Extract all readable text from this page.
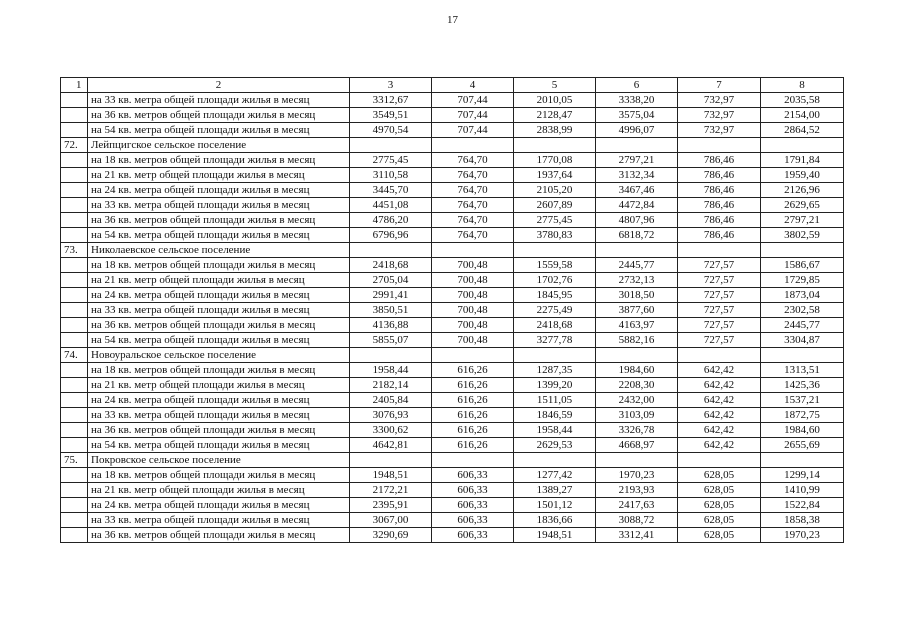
17
1	2	3	4	5	6	7	8
	на 33 кв. метра общей площади жилья в месяц	3312,67	707,44	2010,05	3338,20	732,97	2035,58
	на 36 кв. метров общей площади жилья в месяц	3549,51	707,44	2128,47	3575,04	732,97	2154,00
	на 54 кв. метра общей площади жилья в месяц	4970,54	707,44	2838,99	4996,07	732,97	2864,52
72.	Лейпцигское сельское поселение						
	на 18 кв. метров общей площади жилья в месяц	2775,45	764,70	1770,08	2797,21	786,46	1791,84
	на 21 кв. метр общей площади жилья в месяц	3110,58	764,70	1937,64	3132,34	786,46	1959,40
	на 24 кв. метра общей площади жилья в месяц	3445,70	764,70	2105,20	3467,46	786,46	2126,96
	на 33 кв. метра общей площади жилья в месяц	4451,08	764,70	2607,89	4472,84	786,46	2629,65
	на 36 кв. метров общей площади жилья в месяц	4786,20	764,70	2775,45	4807,96	786,46	2797,21
	на 54 кв. метра общей площади жилья в месяц	6796,96	764,70	3780,83	6818,72	786,46	3802,59
73.	Николаевское сельское поселение						
	на 18 кв. метров общей площади жилья в месяц	2418,68	700,48	1559,58	2445,77	727,57	1586,67
	на 21 кв. метр общей площади жилья в месяц	2705,04	700,48	1702,76	2732,13	727,57	1729,85
	на 24 кв. метра общей площади жилья в месяц	2991,41	700,48	1845,95	3018,50	727,57	1873,04
	на 33 кв. метра общей площади жилья в месяц	3850,51	700,48	2275,49	3877,60	727,57	2302,58
	на 36 кв. метров общей площади жилья в месяц	4136,88	700,48	2418,68	4163,97	727,57	2445,77
	на 54 кв. метра общей площади жилья в месяц	5855,07	700,48	3277,78	5882,16	727,57	3304,87
74.	Новоуральское сельское поселение						
	на 18 кв. метров общей площади жилья в месяц	1958,44	616,26	1287,35	1984,60	642,42	1313,51
	на 21 кв. метр общей площади жилья в месяц	2182,14	616,26	1399,20	2208,30	642,42	1425,36
	на 24 кв. метра общей площади жилья в месяц	2405,84	616,26	1511,05	2432,00	642,42	1537,21
	на 33 кв. метра общей площади жилья в месяц	3076,93	616,26	1846,59	3103,09	642,42	1872,75
	на 36 кв. метров общей площади жилья в месяц	3300,62	616,26	1958,44	3326,78	642,42	1984,60
	на 54 кв. метра общей площади жилья в месяц	4642,81	616,26	2629,53	4668,97	642,42	2655,69
75.	Покровское сельское поселение						
	на 18 кв. метров общей площади жилья в месяц	1948,51	606,33	1277,42	1970,23	628,05	1299,14
	на 21 кв. метр общей площади жилья в месяц	2172,21	606,33	1389,27	2193,93	628,05	1410,99
	на 24 кв. метра общей площади жилья в месяц	2395,91	606,33	1501,12	2417,63	628,05	1522,84
	на 33 кв. метра общей площади жилья в месяц	3067,00	606,33	1836,66	3088,72	628,05	1858,38
	на 36 кв. метров общей площади жилья в месяц	3290,69	606,33	1948,51	3312,41	628,05	1970,23
